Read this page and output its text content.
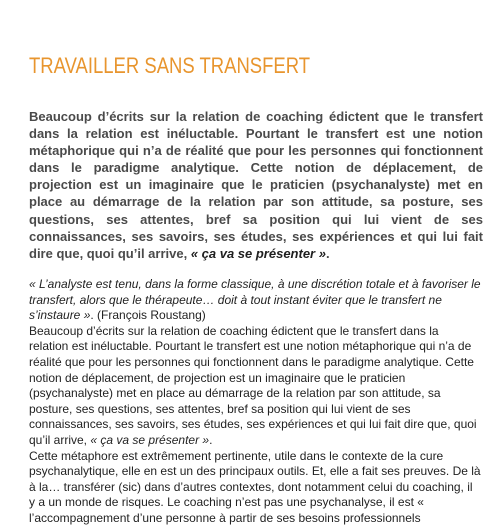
TRAVAILLER SANS TRANSFERT

Beaucoup d’écrits sur la relation de coaching édictent que le transfert dans la relation est inéluctable. Pourtant le transfert est une notion métaphorique qui n’a de réalité que pour les personnes qui fonctionnent dans le paradigme analytique. Cette notion de déplacement, de projection est un imaginaire que le praticien (psychanalyste) met en place au démarrage de la relation par son attitude, sa posture, ses questions, ses attentes, bref sa position qui lui vient de ses connaissances, ses savoirs, ses études, ses expériences et qui lui fait dire que, quoi qu’il arrive, « ça va se présenter ».

« L’analyste est tenu, dans la forme classique, à une discrétion totale et à favoriser le transfert, alors que le thérapeute… doit à tout instant éviter que le transfert ne s’instaure ». (François Roustang)

Beaucoup d’écrits sur la relation de coaching édictent que le transfert dans la relation est inéluctable. Pourtant le transfert est une notion métaphorique qui n’a de réalité que pour les personnes qui fonctionnent dans le paradigme analytique. Cette notion de déplacement, de projection est un imaginaire que le praticien (psychanalyste) met en place au démarrage de la relation par son attitude, sa posture, ses questions, ses attentes, bref sa position qui lui vient de ses connaissances, ses savoirs, ses études, ses expériences et qui lui fait dire que, quoi qu’il arrive, « ça va se présenter ».

Cette métaphore est extrêmement pertinente, utile dans le contexte de la cure psychanalytique, elle en est un des principaux outils. Et, elle a fait ses preuves. De là à la… transférer (sic) dans d’autres contextes, dont notamment celui du coaching, il y a un monde de risques. Le coaching n’est pas une psychanalyse, il est « l’accompagnement d’une personne à partir de ses besoins professionnels
